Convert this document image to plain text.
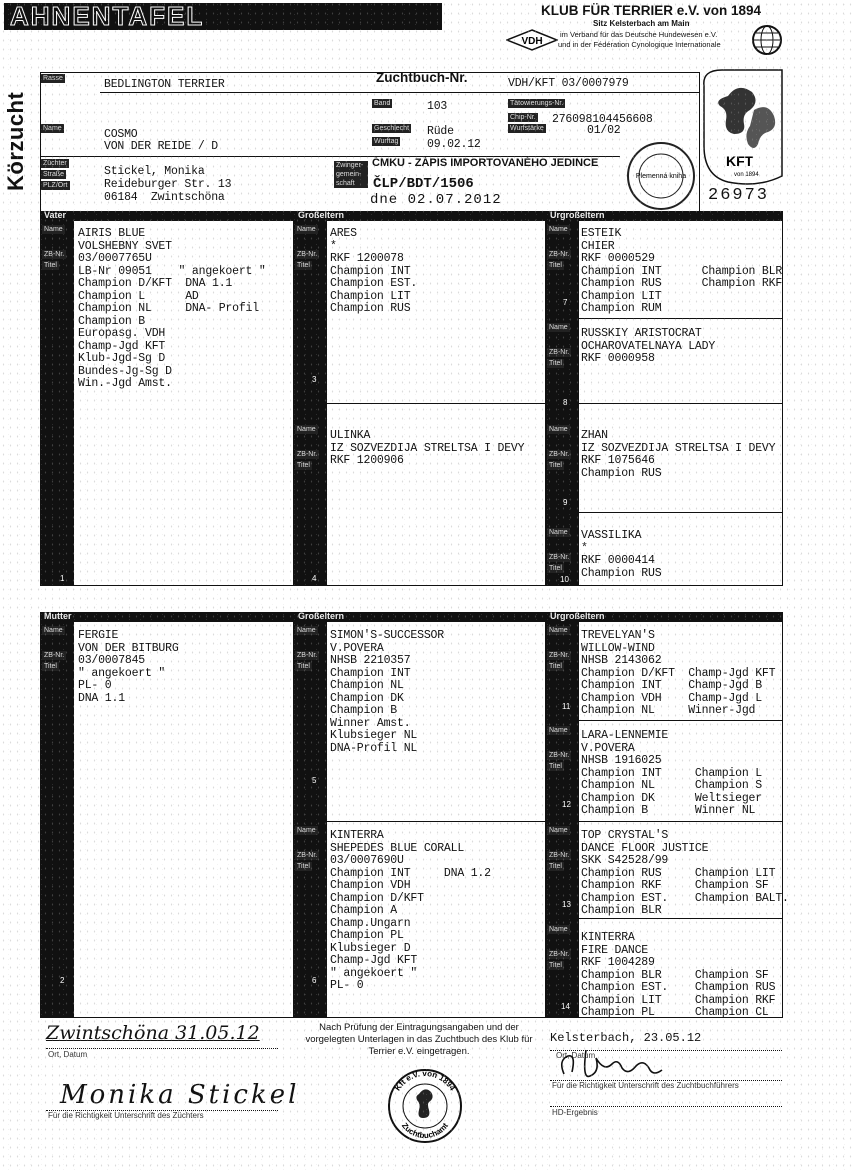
AHNENTAFEL	KLUB FÜR TERRIER e.V. von 1894
Sitz Kelsterbach am Main
VDH
im Verband für das Deutsche Hundewesen e.V.
und in der Fédération Cynologique Internationale
Körzucht
Rasse	BEDLINGTON TERRIER	Zuchtbuch-Nr.	VDH/KFT 03/0007979
Name	COSMO
VON DER REIDE / D
Band	103
Geschlecht Rüde
Wurftag 09.02.12
Tätowierungs-Nr.
Chip-Nr. 276098104456608
Wurfstärke	01/02
Züchter
Straße
PLZ/Ort
Stickel, Monika
Reideburger Str. 13
06184  Zwintschöna
Zwinger-gemein-schaft
ČMKU - ZÁPIS IMPORTOVANÉHO JEDINCE
ČLP/BDT/1506
dne 02.07.2012
Plemenná kniha
KFT
von 1894
26973
Vater	Großeltern	Urgroßeltern
Name
ZB-Nr.
Titel
AIRIS BLUE
VOLSHEBNY SVET
03/0007765U
LB-Nr 09051    " angekoert "
Champion D/KFT  DNA 1.1
Champion L      AD
Champion NL     DNA- Profil
Champion B
Europasg. VDH
Champ-Jgd KFT
Klub-Jgd-Sg D
Bundes-Jg-Sg D
Win.-Jgd Amst.
1
Name
ZB-Nr.
Titel
ARES
*
RKF 1200078
Champion INT
Champion EST.
Champion LIT
Champion RUS
3
Name
ZB-Nr.
Titel
ULINKA
IZ SOZVEZDIJA STRELTSA I DEVY
RKF 1200906
4
Name
ZB-Nr.
Titel
ESTEIK
CHIER
RKF 0000529
Champion INT      Champion BLR
Champion RUS      Champion RKF
Champion LIT
Champion RUM
7
Name
ZB-Nr.
Titel
RUSSKIY ARISTOCRAT
OCHAROVATELNAYA LADY
RKF 0000958
8
Name
ZB-Nr.
Titel
ZHAN
IZ SOZVEZDIJA STRELTSA I DEVY
RKF 1075646
Champion RUS
9
Name
ZB-Nr.
Titel
VASSILIKA
*
RKF 0000414
Champion RUS
10
Mutter	Großeltern	Urgroßeltern
Name
ZB-Nr.
Titel
FERGIE
VON DER BITBURG
03/0007845
" angekoert "
PL- 0
DNA 1.1
2
Name
ZB-Nr.
Titel
SIMON'S-SUCCESSOR
V.POVERA
NHSB 2210357
Champion INT
Champion NL
Champion DK
Champion B
Winner Amst.
Klubsieger NL
DNA-Profil NL
5
Name
ZB-Nr.
Titel
KINTERRA
SHEPEDES BLUE CORALL
03/0007690U
Champion INT     DNA 1.2
Champion VDH
Champion D/KFT
Champion A
Champ.Ungarn
Champion PL
Klubsieger D
Champ-Jgd KFT
" angekoert "
PL- 0
6
Name
ZB-Nr.
Titel
TREVELYAN'S
WILLOW-WIND
NHSB 2143062
Champion D/KFT  Champ-Jgd KFT
Champion INT    Champ-Jgd B
Champion VDH    Champ-Jgd L
Champion NL     Winner-Jgd
11
Name
ZB-Nr.
Titel
LARA-LENNEMIE
V.POVERA
NHSB 1916025
Champion INT     Champion L
Champion NL      Champion S
Champion DK      Weltsieger
Champion B       Winner NL
12
Name
ZB-Nr.
Titel
TOP CRYSTAL'S
DANCE FLOOR JUSTICE
SKK S42528/99
Champion RUS     Champion LIT
Champion RKF     Champion SF
Champion EST.    Champion BALT.
Champion BLR
13
Name
ZB-Nr.
Titel
KINTERRA
FIRE DANCE
RKF 1004289
Champion BLR     Champion SF
Champion EST.    Champion RUS
Champion LIT     Champion RKF
Champion PL      Champion CL
14
Zwintschöna 31.05.12
Ort, Datum
Monika Stickel
Für die Richtigkeit Unterschrift des Züchters
Nach Prüfung der Eintragungsangaben und der vorgelegten Unterlagen in das Zuchtbuch des Klub für Terrier e.V. eingetragen.
Kft e.V. von 1894
Zuchtbuchamt
Kelsterbach, 23.05.12
Ort, Datum
Für die Richtigkeit Unterschrift des Zuchtbuchführers
HD-Ergebnis
